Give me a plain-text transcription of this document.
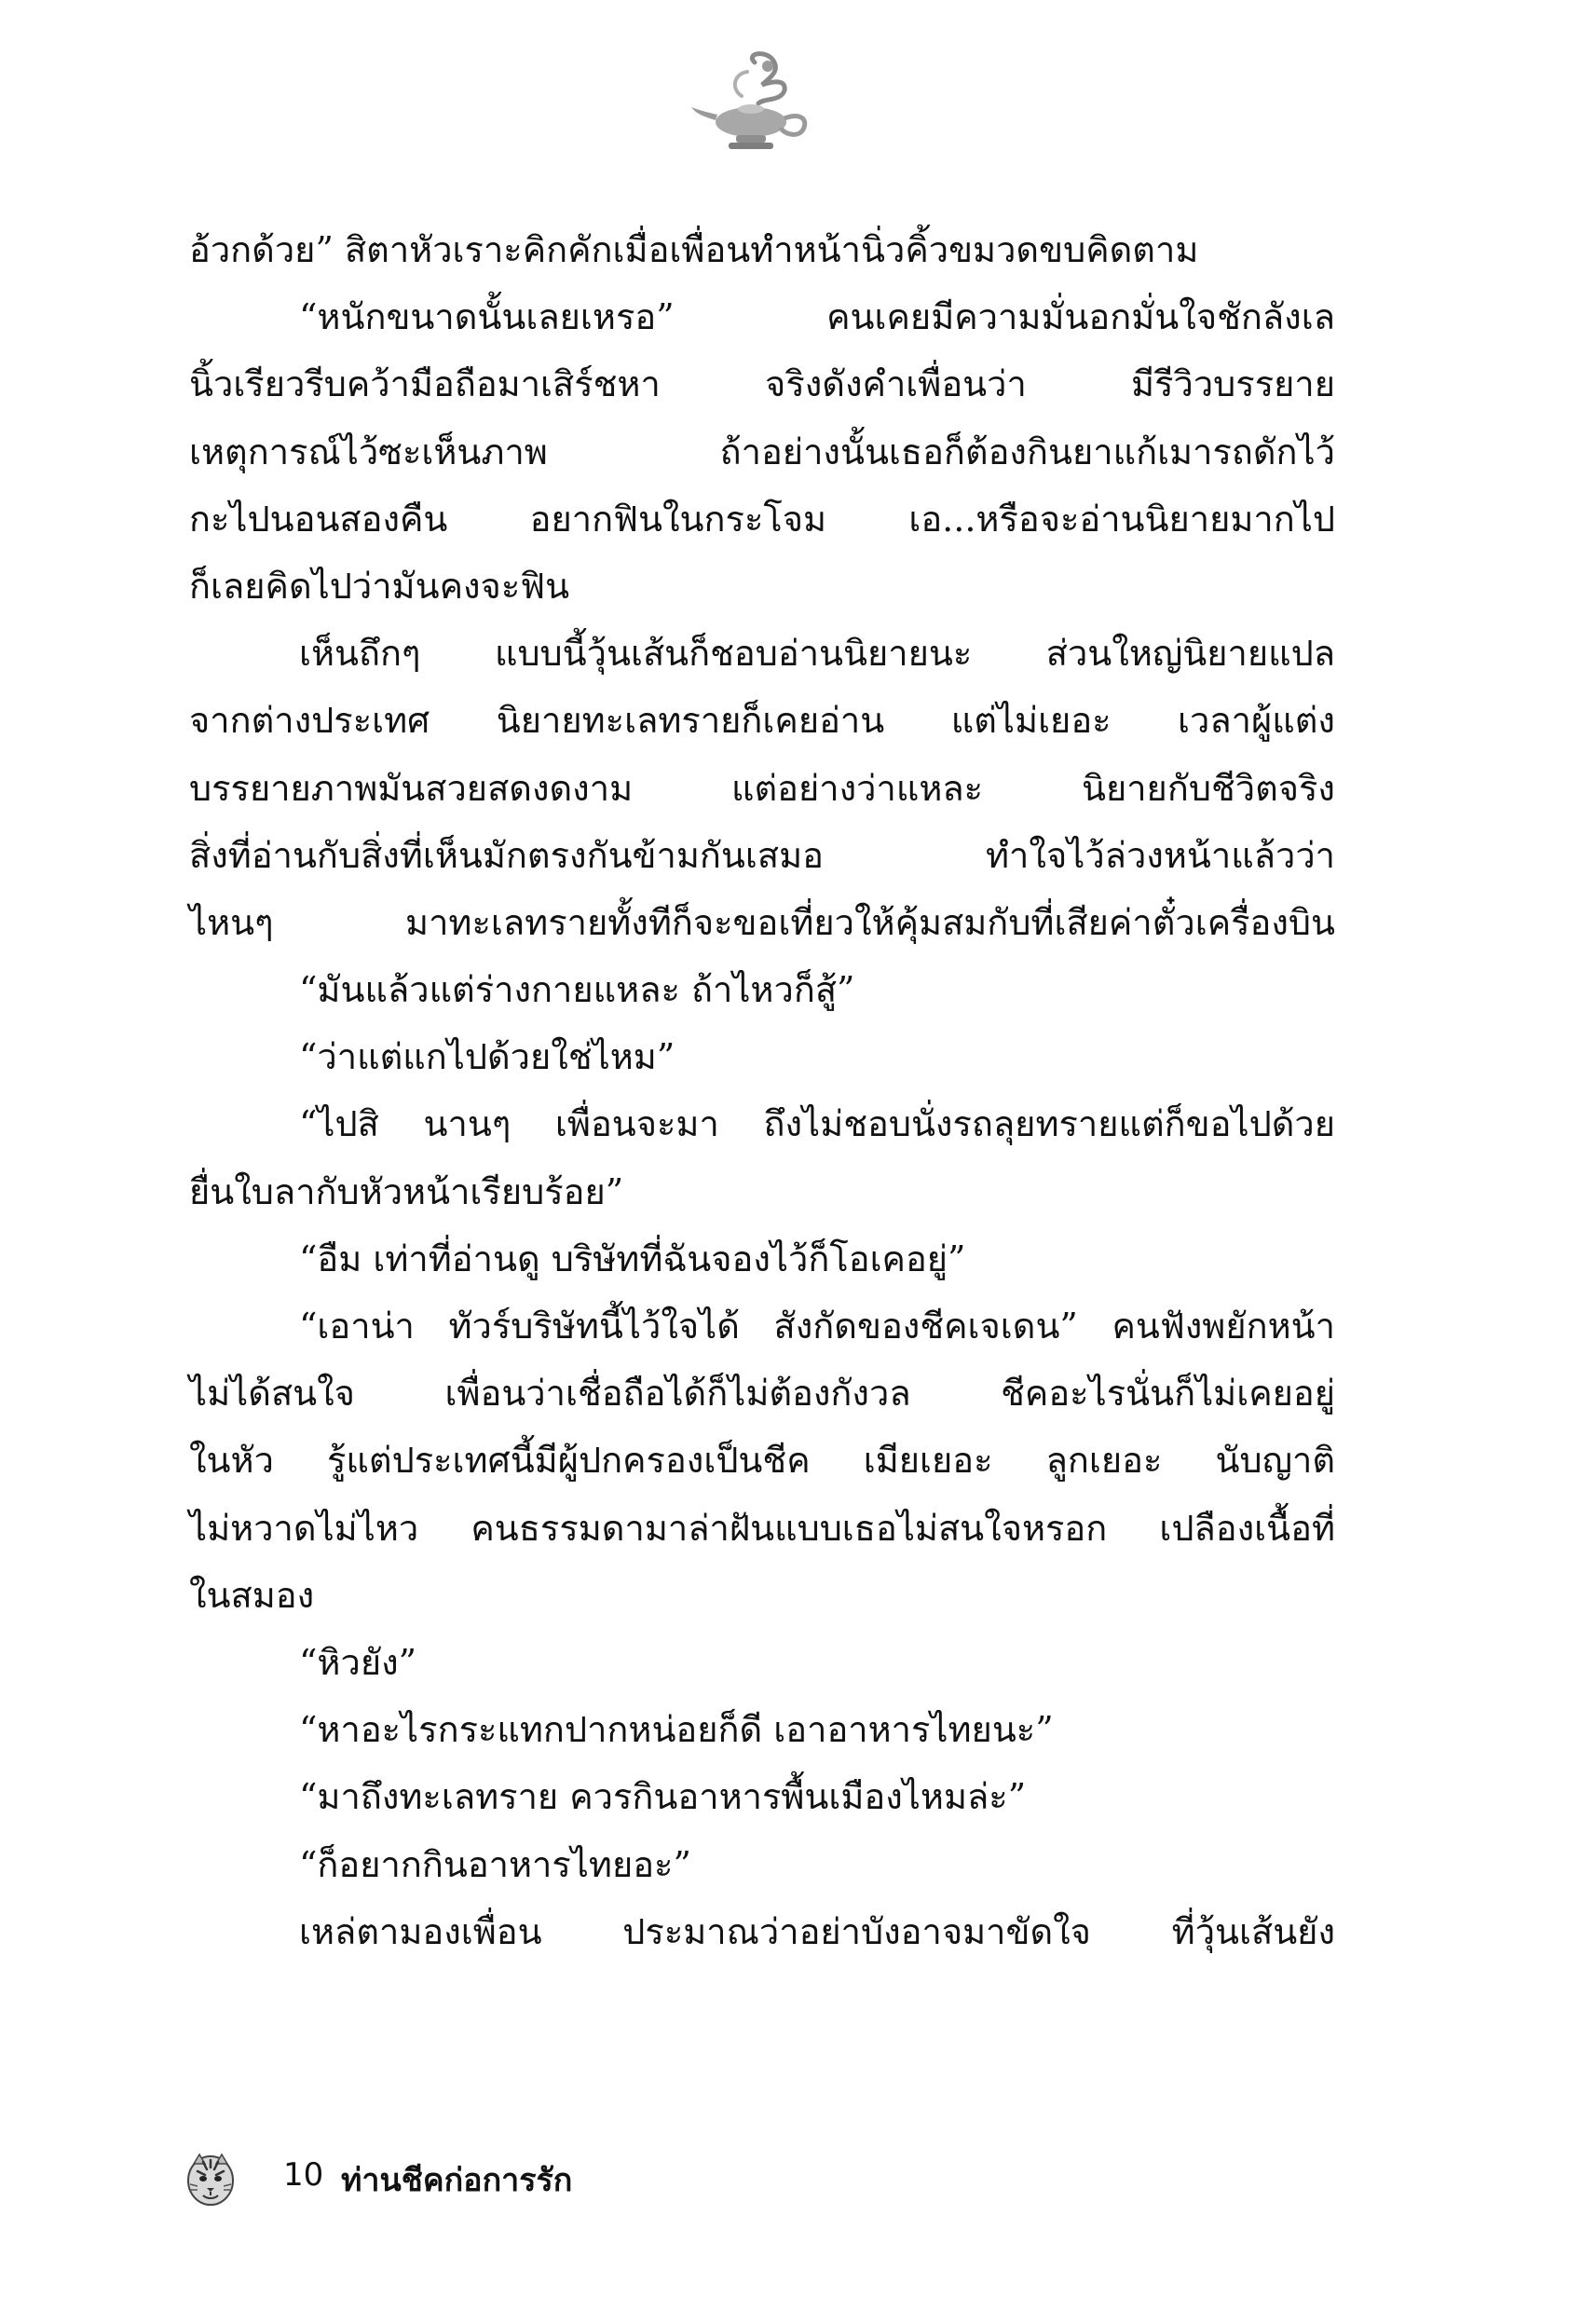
อ้วกด้วย” สิตาหัวเราะคิกคักเมื่อเพื่อนทำหน้านิ่วคิ้วขมวดขบคิดตาม
“หนักขนาดนั้นเลยเหรอ” คนเคยมีความมั่นอกมั่นใจชักลังเล
นิ้วเรียวรีบคว้ามือถือมาเสิร์ชหา จริงดังคำเพื่อนว่า มีรีวิวบรรยาย
เหตุการณ์ไว้ซะเห็นภาพ ถ้าอย่างนั้นเธอก็ต้องกินยาแก้เมารถดักไว้
กะไปนอนสองคืน อยากฟินในกระโจม เอ...หรือจะอ่านนิยายมากไป
ก็เลยคิดไปว่ามันคงจะฟิน
เห็นถึกๆ แบบนี้วุ้นเส้นก็ชอบอ่านนิยายนะ ส่วนใหญ่นิยายแปล
จากต่างประเทศ นิยายทะเลทรายก็เคยอ่าน แต่ไม่เยอะ เวลาผู้แต่ง
บรรยายภาพมันสวยสดงดงาม แต่อย่างว่าแหละ นิยายกับชีวิตจริง
สิ่งที่อ่านกับสิ่งที่เห็นมักตรงกันข้ามกันเสมอ ทำใจไว้ล่วงหน้าแล้วว่า
ไหนๆ มาทะเลทรายทั้งทีก็จะขอเที่ยวให้คุ้มสมกับที่เสียค่าตั๋วเครื่องบิน
“มันแล้วแต่ร่างกายแหละ ถ้าไหวก็สู้”
“ว่าแต่แกไปด้วยใช่ไหม”
“ไปสิ นานๆ เพื่อนจะมา ถึงไม่ชอบนั่งรถลุยทรายแต่ก็ขอไปด้วย
ยื่นใบลากับหัวหน้าเรียบร้อย”
“อืม เท่าที่อ่านดู บริษัทที่ฉันจองไว้ก็โอเคอยู่”
“เอาน่า ทัวร์บริษัทนี้ไว้ใจได้ สังกัดของชีคเจเดน” คนฟังพยักหน้า
ไม่ได้สนใจ เพื่อนว่าเชื่อถือได้ก็ไม่ต้องกังวล ชีคอะไรนั่นก็ไม่เคยอยู่
ในหัว รู้แต่ประเทศนี้มีผู้ปกครองเป็นชีค เมียเยอะ ลูกเยอะ นับญาติ
ไม่หวาดไม่ไหว คนธรรมดามาล่าฝันแบบเธอไม่สนใจหรอก เปลืองเนื้อที่
ในสมอง
“หิวยัง”
“หาอะไรกระแทกปากหน่อยก็ดี เอาอาหารไทยนะ”
“มาถึงทะเลทราย ควรกินอาหารพื้นเมืองไหมล่ะ”
“ก็อยากกินอาหารไทยอะ”
เหล่ตามองเพื่อน ประมาณว่าอย่าบังอาจมาขัดใจ ที่วุ้นเส้นยัง
10 ท่านชีคก่อการรัก
